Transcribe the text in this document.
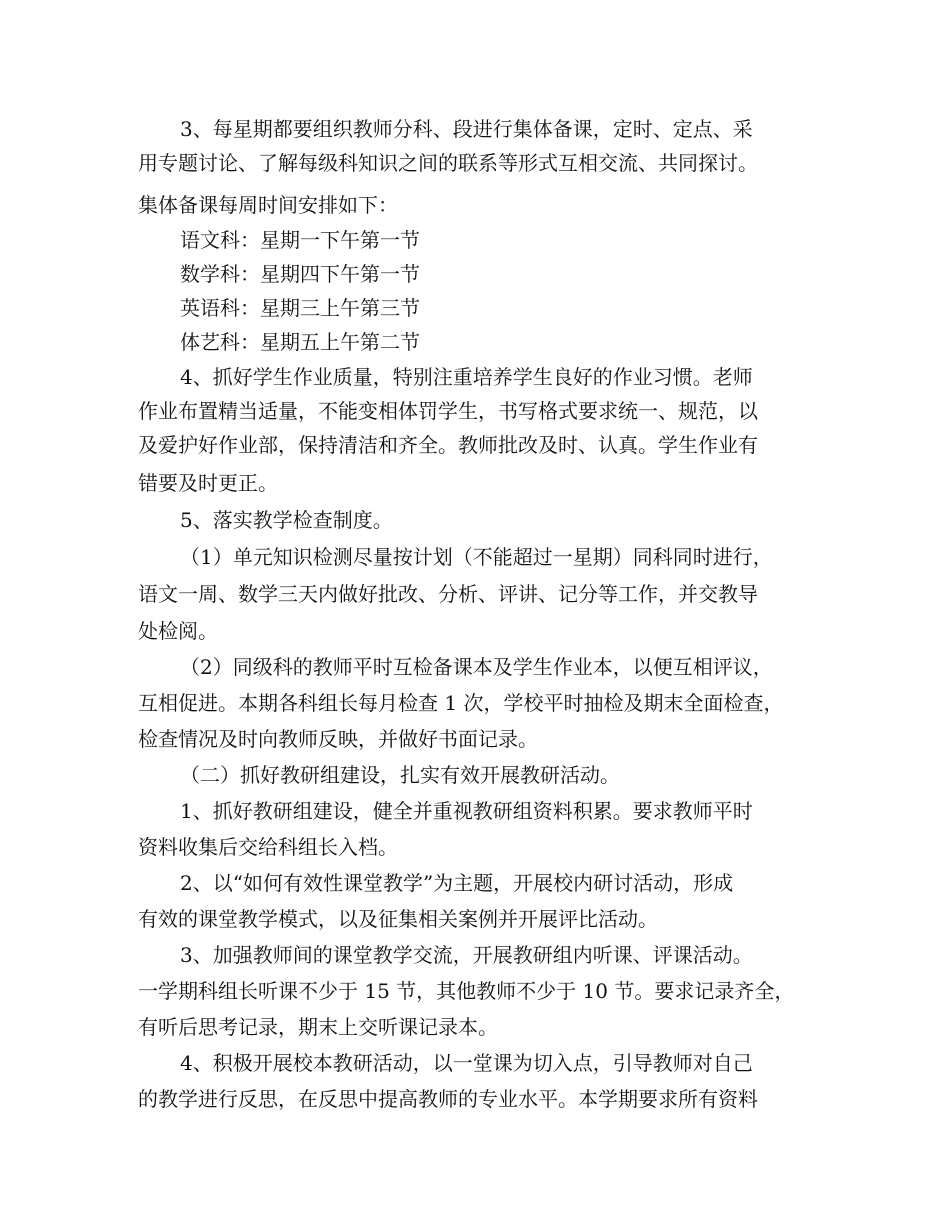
3、每星期都要组织教师分科、段进行集体备课，定时、定点、采
用专题讨论、了解每级科知识之间的联系等形式互相交流、共同探讨。
集体备课每周时间安排如下：
语文科：星期一下午第一节
数学科：星期四下午第一节
英语科：星期三上午第三节
体艺科：星期五上午第二节
4、抓好学生作业质量，特别注重培养学生良好的作业习惯。老师
作业布置精当适量，不能变相体罚学生，书写格式要求统一、规范，以
及爱护好作业部，保持清洁和齐全。教师批改及时、认真。学生作业有
错要及时更正。
5、落实教学检查制度。
（1）单元知识检测尽量按计划（不能超过一星期）同科同时进行，
语文一周、数学三天内做好批改、分析、评讲、记分等工作，并交教导
处检阅。
（2）同级科的教师平时互检备课本及学生作业本，以便互相评议，
互相促进。本期各科组长每月检查 1 次，学校平时抽检及期末全面检查，
检查情况及时向教师反映，并做好书面记录。
（二）抓好教研组建设，扎实有效开展教研活动。
1、抓好教研组建设，健全并重视教研组资料积累。要求教师平时
资料收集后交给科组长入档。
2、以“如何有效性课堂教学”为主题，开展校内研讨活动，形成
有效的课堂教学模式，以及征集相关案例并开展评比活动。
3、加强教师间的课堂教学交流，开展教研组内听课、评课活动。
一学期科组长听课不少于 15 节，其他教师不少于 10 节。要求记录齐全，
有听后思考记录，期末上交听课记录本。
4、积极开展校本教研活动，以一堂课为切入点，引导教师对自己
的教学进行反思，在反思中提高教师的专业水平。本学期要求所有资料
